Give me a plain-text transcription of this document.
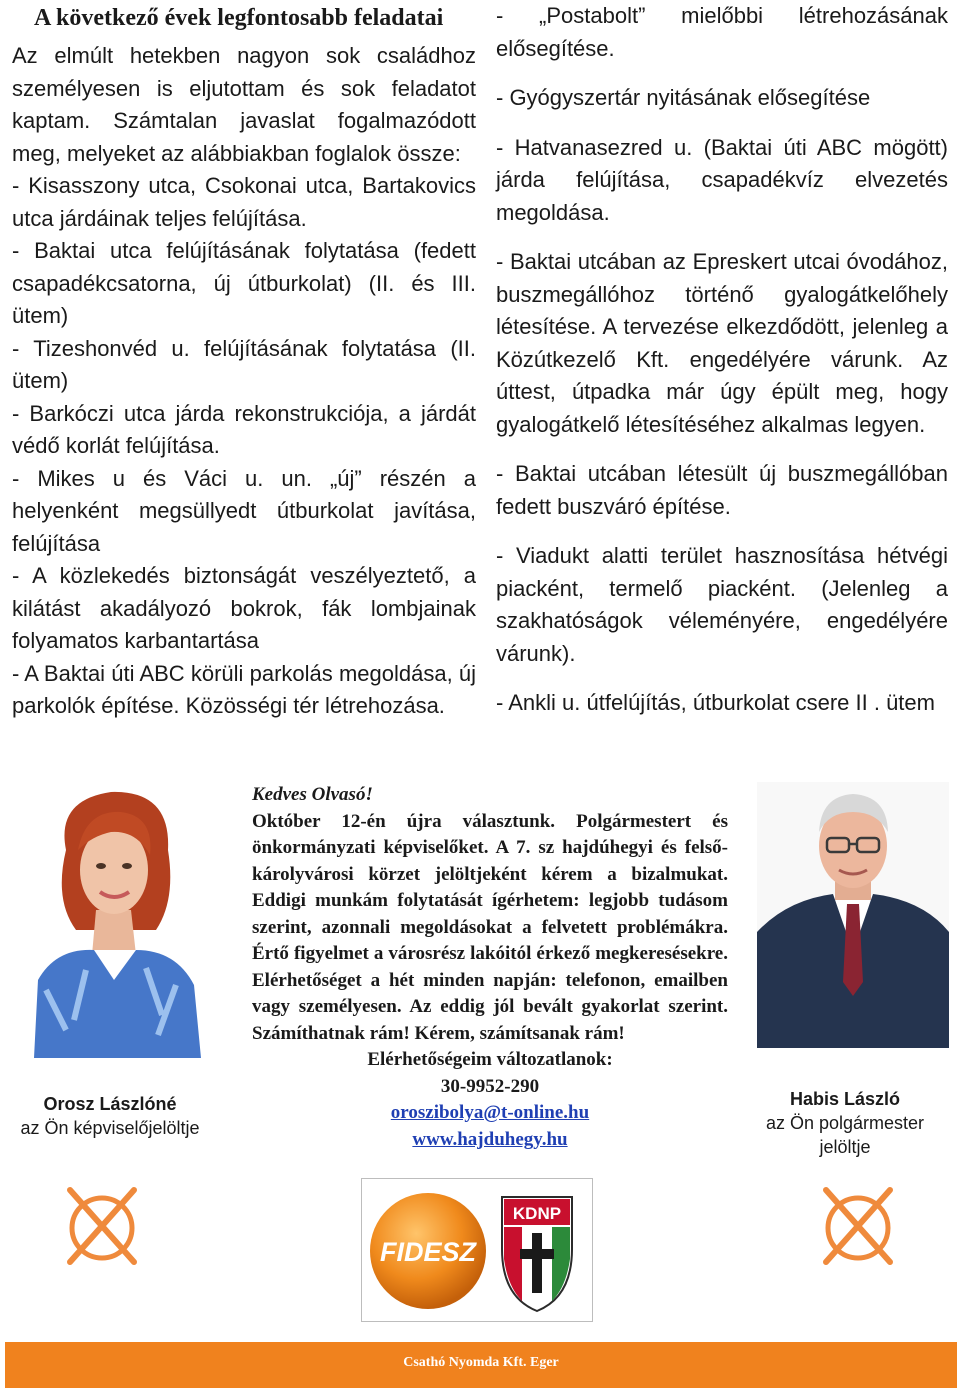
A következő évek legfontosabb feladatai

Az elmúlt hetekben nagyon sok családhoz személyesen is eljutottam és sok feladatot kaptam. Számtalan javaslat fogalmazódott meg, melyeket az alábbiakban foglalok össze:

- Kisasszony utca, Csokonai utca, Bartakovics utca járdáinak teljes felújítása.

- Baktai utca felújításának folytatása (fedett csapadékcsatorna, új útburkolat) (II. és III. ütem)

- Tizeshonvéd u. felújításának folytatása (II. ütem)

- Barkóczi utca járda rekonstrukciója, a járdát védő korlát felújítása.

- Mikes u és Váci u. un. „új” részén a helyenként megsüllyedt útburkolat javítása, felújítása

- A közlekedés biztonságát veszélyeztető, a kilátást akadályozó bokrok, fák lombjainak folyamatos karbantartása

- A Baktai úti ABC körüli parkolás megoldása, új parkolók építése. Közösségi tér létrehozása.

- „Postabolt” mielőbbi létrehozásának elősegítése.

- Gyógyszertár nyitásának elősegítése

- Hatvanasezred u. (Baktai úti ABC mögött) járda felújítása, csapadékvíz elvezetés megoldása.

- Baktai utcában az Epreskert utcai óvodához, buszmegállóhoz történő gyalogátkelőhely létesítése. A tervezése elkezdődött, jelenleg a Közútkezelő Kft. engedélyére várunk. Az úttest, útpadka már úgy épült meg, hogy gyalogátkelő létesítéséhez alkalmas legyen.

- Baktai utcában létesült új buszmegállóban fedett buszváró építése.

- Viadukt alatti terület hasznosítása hétvégi piacként, termelő piacként. (Jelenleg a szakhatóságok véleményére, engedélyére várunk).

- Ankli u. útfelújítás, útburkolat csere II . ütem

Orosz Lászlóné
az Ön képviselőjelöltje
Habis László
az Ön polgármester jelöltje
Kedves Olvasó!
Október 12-én újra választunk. Polgármestert és önkormányzati képviselőket. A 7. sz hajdúhegyi és felső-károlyvárosi körzet jelöltjeként kérem a bizalmukat. Eddigi munkám folytatását ígérhetem: legjobb tudásom szerint, azonnali megoldásokat a felvetett problémákra. Értő figyelmet a városrész lakóitól érkező megkeresésekre. Elérhetőséget a hét minden napján: telefonon, emailben vagy személyesen. Az eddig jól bevált gyakorlat szerint. Számíthatnak rám! Kérem, számítsanak rám!
Elérhetőségeim változatlanok:
30-9952-290
oroszibolya@t-online.hu
www.hajduhegy.hu
FIDESZ
KDNP
Csathó Nyomda Kft. Eger
